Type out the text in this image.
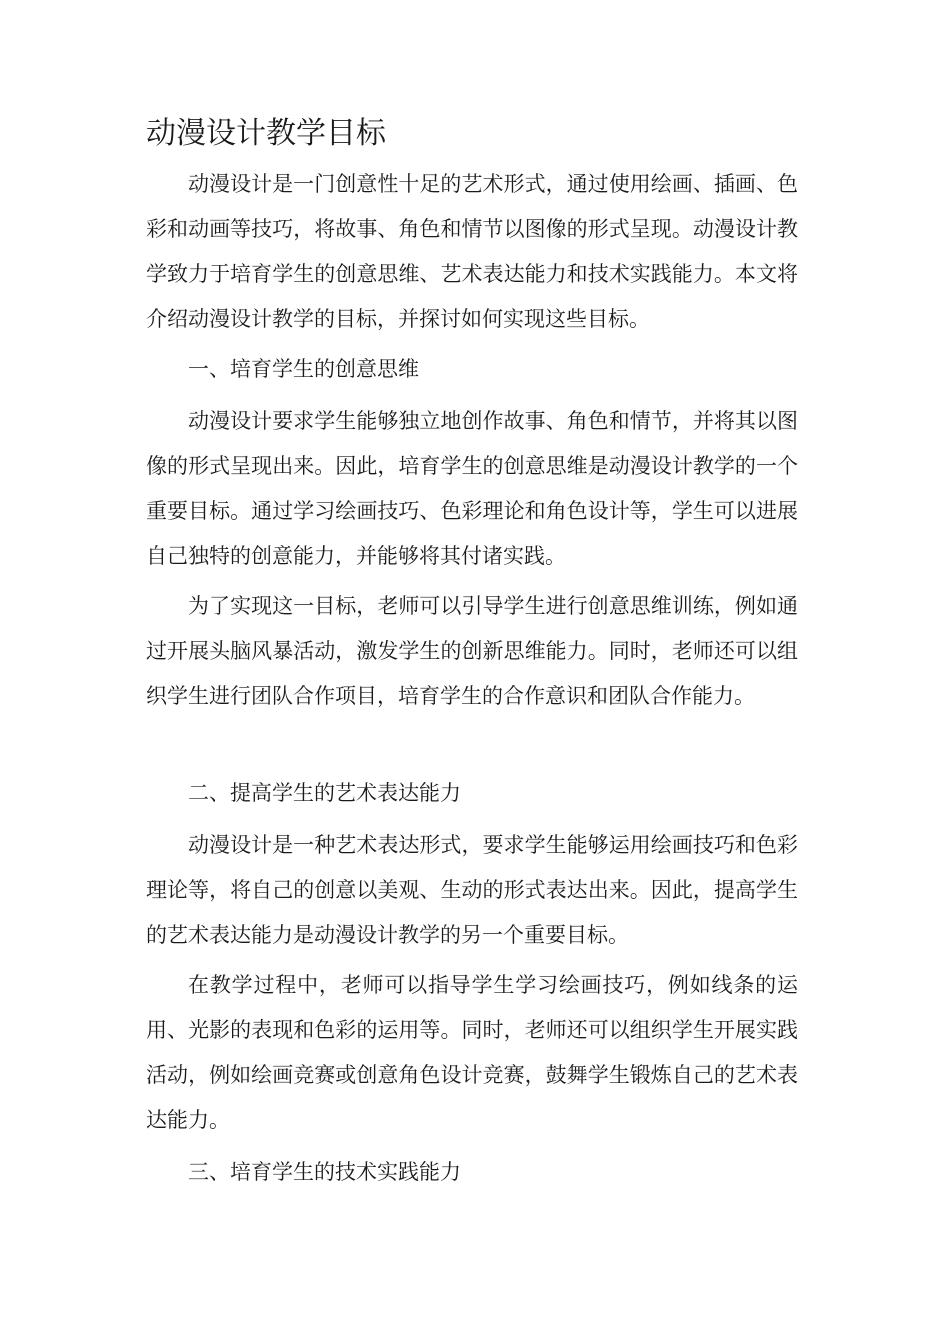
动漫设计教学目标

动漫设计是一门创意性十足的艺术形式，通过使用绘画、插画、色彩和动画等技巧，将故事、角色和情节以图像的形式呈现。动漫设计教学致力于培育学生的创意思维、艺术表达能力和技术实践能力。本文将介绍动漫设计教学的目标，并探讨如何实现这些目标。

一、培育学生的创意思维

动漫设计要求学生能够独立地创作故事、角色和情节，并将其以图像的形式呈现出来。因此，培育学生的创意思维是动漫设计教学的一个重要目标。通过学习绘画技巧、色彩理论和角色设计等，学生可以进展自己独特的创意能力，并能够将其付诸实践。

为了实现这一目标，老师可以引导学生进行创意思维训练，例如通过开展头脑风暴活动，激发学生的创新思维能力。同时，老师还可以组织学生进行团队合作项目，培育学生的合作意识和团队合作能力。

二、提高学生的艺术表达能力

动漫设计是一种艺术表达形式，要求学生能够运用绘画技巧和色彩理论等，将自己的创意以美观、生动的形式表达出来。因此，提高学生的艺术表达能力是动漫设计教学的另一个重要目标。

在教学过程中，老师可以指导学生学习绘画技巧，例如线条的运用、光影的表现和色彩的运用等。同时，老师还可以组织学生开展实践活动，例如绘画竞赛或创意角色设计竞赛，鼓舞学生锻炼自己的艺术表达能力。

三、培育学生的技术实践能力
